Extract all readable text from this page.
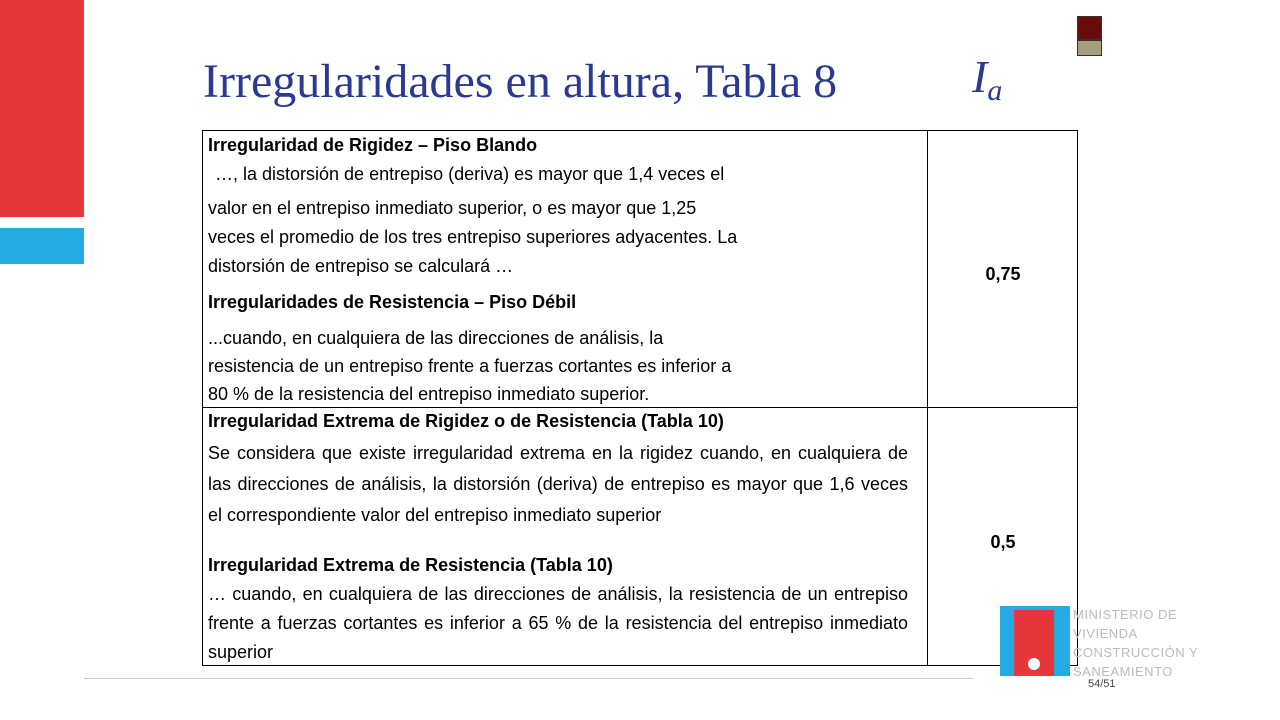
Irregularidades en altura, Tabla 8	$I_a$
Irregularidad de Rigidez – Piso Blando
…, la distorsión de entrepiso (deriva) es mayor que 1,4 veces el
valor en el entrepiso inmediato superior, o es mayor que 1,25
veces el promedio de los tres entrepiso superiores adyacentes. La
distorsión de entrepiso se calculará …
Irregularidades de Resistencia – Piso Débil
...cuando, en cualquiera de las direcciones de análisis, la
resistencia de un entrepiso frente a fuerzas cortantes es inferior a
80 % de la resistencia del entrepiso inmediato superior.
0,75
Irregularidad Extrema de Rigidez o de Resistencia (Tabla 10)
Se considera que existe irregularidad extrema en la rigidez cuando, en cualquiera de las direcciones de análisis, la distorsión (deriva) de entrepiso es mayor que 1,6 veces el correspondiente valor del entrepiso inmediato superior
Irregularidad Extrema de Resistencia (Tabla 10)
… cuando, en cualquiera de las direcciones de análisis, la resistencia de un entrepiso frente a fuerzas cortantes es inferior a 65 % de la resistencia del entrepiso inmediato superior
0,5
MINISTERIO DE VIVIENDA CONSTRUCCIÓN Y SANEAMIENTO
54/51
